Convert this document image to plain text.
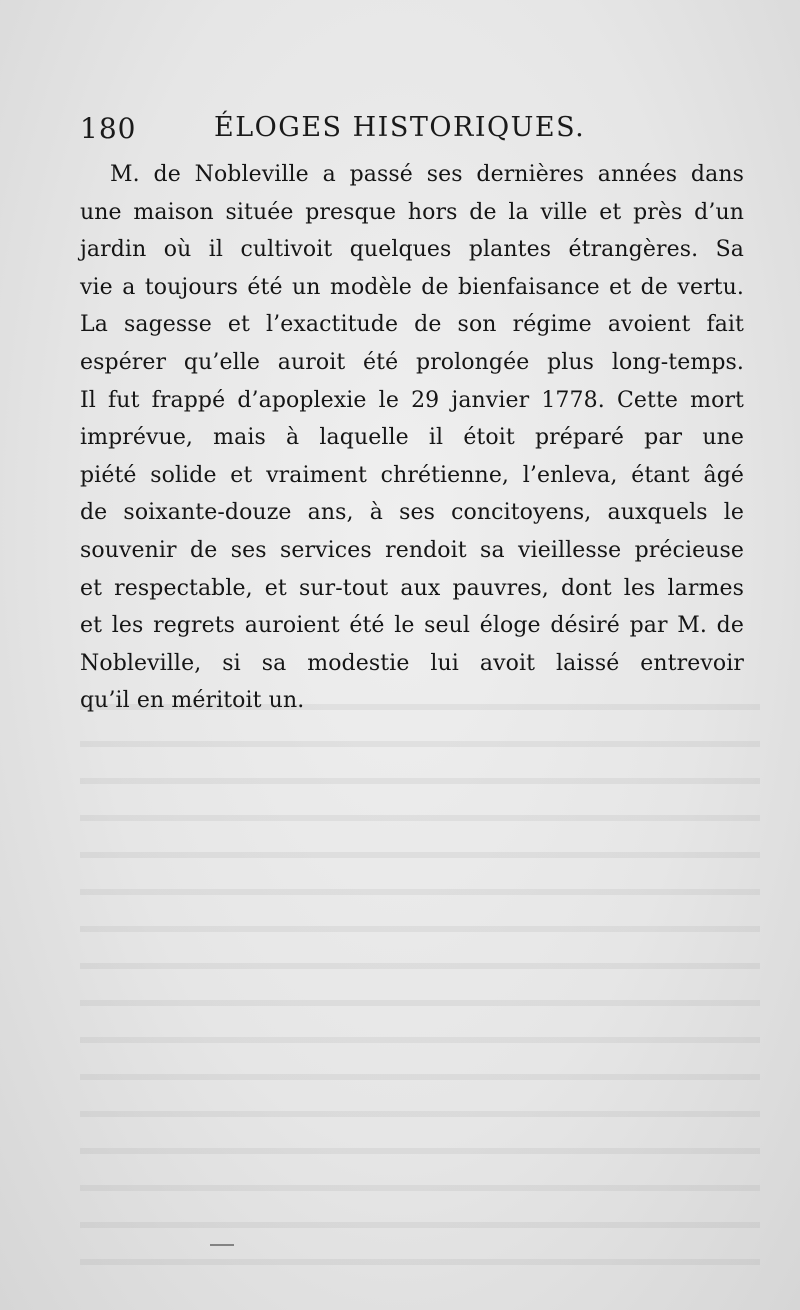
180	ÉLOGES HISTORIQUES.
M. de Nobleville a passé ses dernières années dans
une maison située presque hors de la ville et près d’un
jardin où il cultivoit quelques plantes étrangères. Sa
vie a toujours été un modèle de bienfaisance et de vertu.
La sagesse et l’exactitude de son régime avoient fait
espérer qu’elle auroit été prolongée plus long-temps.
Il fut frappé d’apoplexie le 29 janvier 1778. Cette mort
imprévue, mais à laquelle il étoit préparé par une
piété solide et vraiment chrétienne, l’enleva, étant âgé
de soixante-douze ans, à ses concitoyens, auxquels le
souvenir de ses services rendoit sa vieillesse précieuse
et respectable, et sur-tout aux pauvres, dont les larmes
et les regrets auroient été le seul éloge désiré par M. de
Nobleville, si sa modestie lui avoit laissé entrevoir
qu’il en méritoit un.
